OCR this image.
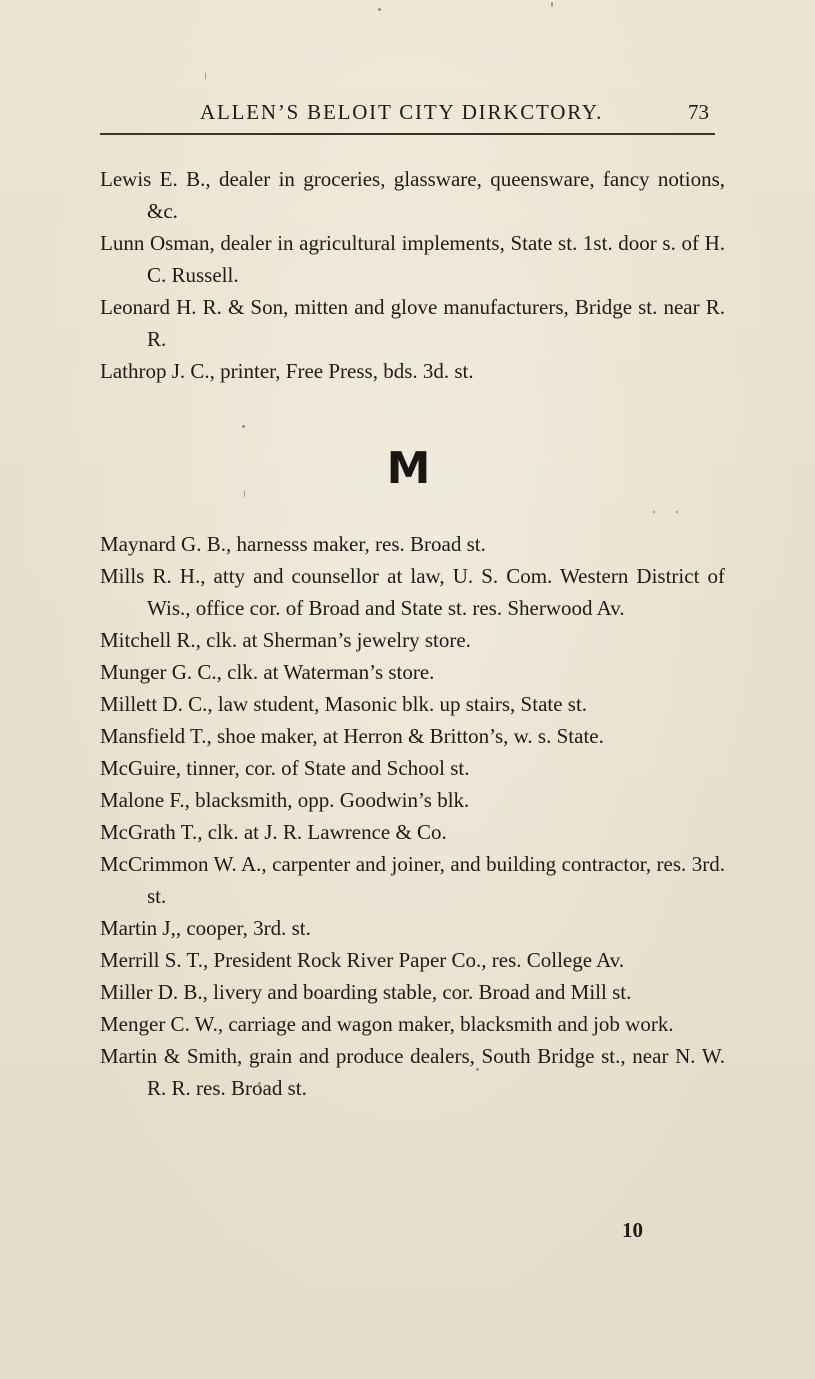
ALLEN’S BELOIT CITY DIRKCTORY.	73
Lewis E. B., dealer in groceries, glassware, queensware, fancy notions, &c.
Lunn Osman, dealer in agricultural implements, State st. 1st. door s. of H. C. Russell.
Leonard H. R. & Son, mitten and glove manufacturers, Bridge st. near R. R.
Lathrop J. C., printer, Free Press, bds. 3d. st.
M
Maynard G. B., harnesss maker, res. Broad st.
Mills R. H., atty and counsellor at law, U. S. Com. Western District of Wis., office cor. of Broad and State st. res. Sherwood Av.
Mitchell R., clk. at Sherman’s jewelry store.
Munger G. C., clk. at Waterman’s store.
Millett D. C., law student, Masonic blk. up stairs, State st.
Mansfield T., shoe maker, at Herron & Britton’s, w. s. State.
McGuire, tinner, cor. of State and School st.
Malone F., blacksmith, opp. Goodwin’s blk.
McGrath T., clk. at J. R. Lawrence & Co.
McCrimmon W. A., carpenter and joiner, and building contractor, res. 3rd. st.
Martin J,, cooper, 3rd. st.
Merrill S. T., President Rock River Paper Co., res. College Av.
Miller D. B., livery and boarding stable, cor. Broad and Mill st.
Menger C. W., carriage and wagon maker, blacksmith and job work.
Martin & Smith, grain and produce dealers, South Bridge st., near N. W. R. R. res. Broad st.
10
